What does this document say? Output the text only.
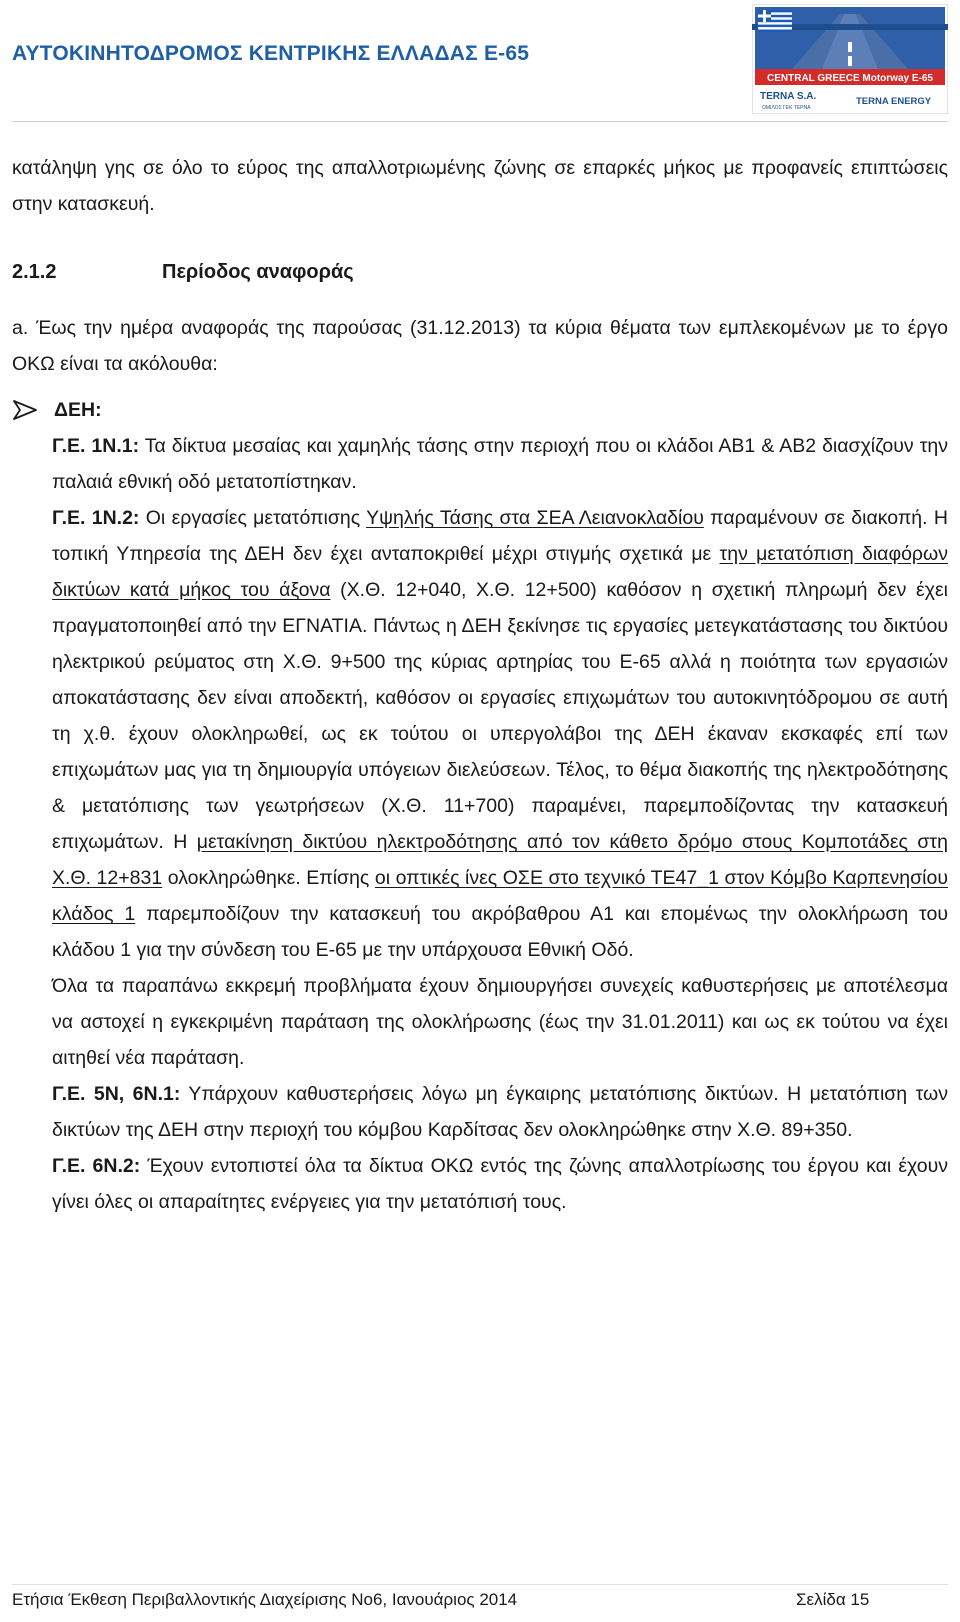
ΑΥΤΟΚΙΝΗΤΟΔΡΟΜΟΣ ΚΕΝΤΡΙΚΗΣ ΕΛΛΑΔΑΣ Ε-65
CENTRAL GREECE Motorway E-65
TERNA S.A.
ΟΜΙΛΟΣ ΓΕΚ ΤΕΡΝΑ
TERNA ENERGY

κατάληψη γης σε όλο το εύρος της απαλλοτριωμένης ζώνης σε επαρκές μήκος με προφανείς επιπτώσεις στην κατασκευή.

2.1.2	Περίοδος αναφοράς

a. Έως την ημέρα αναφοράς της παρούσας (31.12.2013) τα κύρια θέματα των εμπλεκομένων με το έργο ΟΚΩ είναι τα ακόλουθα:

ΔΕΗ:

Γ.Ε. 1Ν.1: Τα δίκτυα μεσαίας και χαμηλής τάσης στην περιοχή που οι κλάδοι ΑΒ1 & ΑΒ2 διασχίζουν την παλαιά εθνική οδό μετατοπίστηκαν.

Γ.Ε. 1Ν.2: Οι εργασίες μετατόπισης Υψηλής Τάσης στα ΣΕΑ Λειανοκλαδίου παραμένουν σε διακοπή. Η τοπική Υπηρεσία της ΔΕΗ δεν έχει ανταποκριθεί μέχρι στιγμής σχετικά με την μετατόπιση διαφόρων δικτύων κατά μήκος του άξονα (Χ.Θ. 12+040, Χ.Θ. 12+500) καθόσον η σχετική πληρωμή δεν έχει πραγματοποιηθεί από την ΕΓΝΑΤΙΑ. Πάντως η ΔΕΗ ξεκίνησε τις εργασίες μετεγκατάστασης του δικτύου ηλεκτρικού ρεύματος στη Χ.Θ. 9+500 της κύριας αρτηρίας του Ε-65 αλλά η ποιότητα των εργασιών αποκατάστασης δεν είναι αποδεκτή, καθόσον οι εργασίες επιχωμάτων του αυτοκινητόδρομου σε αυτή τη χ.θ. έχουν ολοκληρωθεί, ως εκ τούτου οι υπεργολάβοι της ΔΕΗ έκαναν εκσκαφές επί των επιχωμάτων μας για τη δημιουργία υπόγειων διελεύσεων. Τέλος, το θέμα διακοπής της ηλεκτροδότησης & μετατόπισης των γεωτρήσεων (Χ.Θ. 11+700) παραμένει, παρεμποδίζοντας την κατασκευή επιχωμάτων. Η μετακίνηση δικτύου ηλεκτροδότησης από τον κάθετο δρόμο στους Κομποτάδες στη Χ.Θ. 12+831 ολοκληρώθηκε. Επίσης οι οπτικές ίνες ΟΣΕ στο τεχνικό ΤΕ47_1 στον Κόμβο Καρπενησίου κλάδος 1 παρεμποδίζουν την κατασκευή του ακρόβαθρου Α1 και επομένως την ολοκλήρωση του κλάδου 1 για την σύνδεση του Ε-65 με την υπάρχουσα Εθνική Οδό.

Όλα τα παραπάνω εκκρεμή προβλήματα έχουν δημιουργήσει συνεχείς καθυστερήσεις με αποτέλεσμα να αστοχεί η εγκεκριμένη παράταση της ολοκλήρωσης (έως την 31.01.2011) και ως εκ τούτου να έχει αιτηθεί νέα παράταση.

Γ.Ε. 5Ν, 6Ν.1: Υπάρχουν καθυστερήσεις λόγω μη έγκαιρης μετατόπισης δικτύων. Η μετατόπιση των δικτύων της ΔΕΗ στην περιοχή του κόμβου Καρδίτσας δεν ολοκληρώθηκε στην Χ.Θ. 89+350.

Γ.Ε. 6Ν.2: Έχουν εντοπιστεί όλα τα δίκτυα ΟΚΩ εντός της ζώνης απαλλοτρίωσης του έργου και έχουν γίνει όλες οι απαραίτητες ενέργειες για την μετατόπισή τους.

Ετήσια Έκθεση Περιβαλλοντικής Διαχείρισης Νο6, Ιανουάριος 2014	Σελίδα 15
